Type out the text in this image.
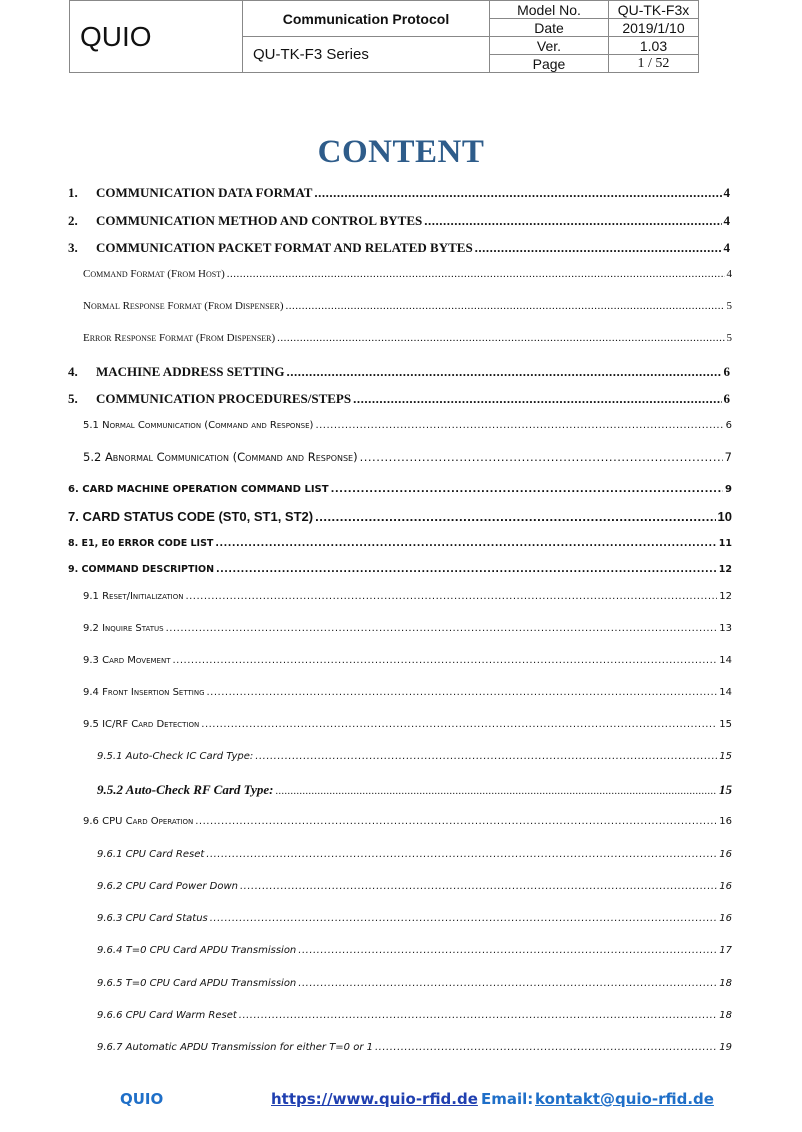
QUIO	Communication Protocol	Model No.	QU-TK-F3x
		Date	2019/1/10
	QU-TK-F3 Series	Ver.	1.03
		Page	1 / 52
CONTENT
1.	COMMUNICATION DATA FORMAT .....	4
2.	COMMUNICATION METHOD AND CONTROL BYTES .....	4
3.	COMMUNICATION PACKET FORMAT AND RELATED BYTES .....	4
Command Format (From Host) .....	4
Normal Response Format (From Dispenser) .....	5
Error Response Format (From Dispenser) .....	5
4.	MACHINE ADDRESS SETTING .....	6
5.	COMMUNICATION PROCEDURES/STEPS .....	6
5.1 Normal Communication (Command and Response) .....	6
5.2 Abnormal Communication (Command and Response) .....	7
6. CARD MACHINE OPERATION COMMAND LIST .....	9
7. CARD STATUS CODE (ST0, ST1, ST2) .....	10
8. E1, E0 ERROR CODE LIST .....	11
9. COMMAND DESCRIPTION .....	12
9.1 Reset/Initialization .....	12
9.2 Inquire Status .....	13
9.3 Card Movement .....	14
9.4 Front Insertion Setting .....	14
9.5 IC/RF Card Detection .....	15
9.5.1 Auto-Check IC Card Type: .....	15
9.5.2 Auto-Check RF Card Type: .....	15
9.6 CPU Card Operation .....	16
9.6.1 CPU Card Reset .....	16
9.6.2 CPU Card Power Down .....	16
9.6.3 CPU Card Status .....	16
9.6.4 T=0 CPU Card APDU Transmission .....	17
9.6.5 T=0 CPU Card APDU Transmission .....	18
9.6.6 CPU Card Warm Reset .....	18
9.6.7 Automatic APDU Transmission for either T=0 or 1 .....	19
QUIO	https://www.quio-rfid.de Email: kontakt@quio-rfid.de
